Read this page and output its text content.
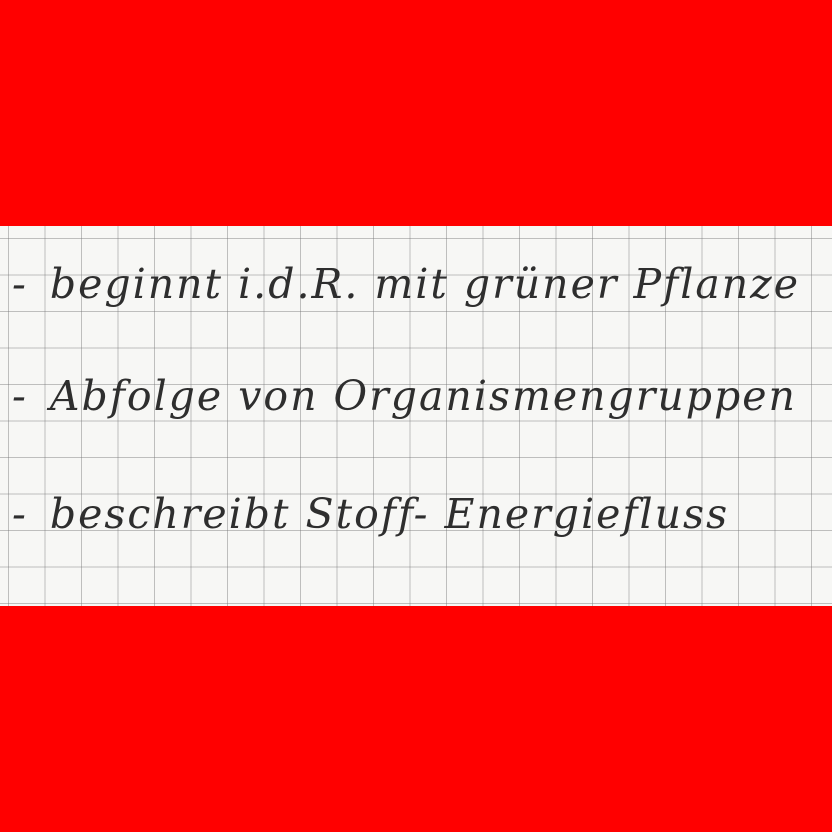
- beginnt i.d.R. mit grüner Pflanze
- Abfolge von Organismengruppen
- beschreibt Stoff- Energiefluss
